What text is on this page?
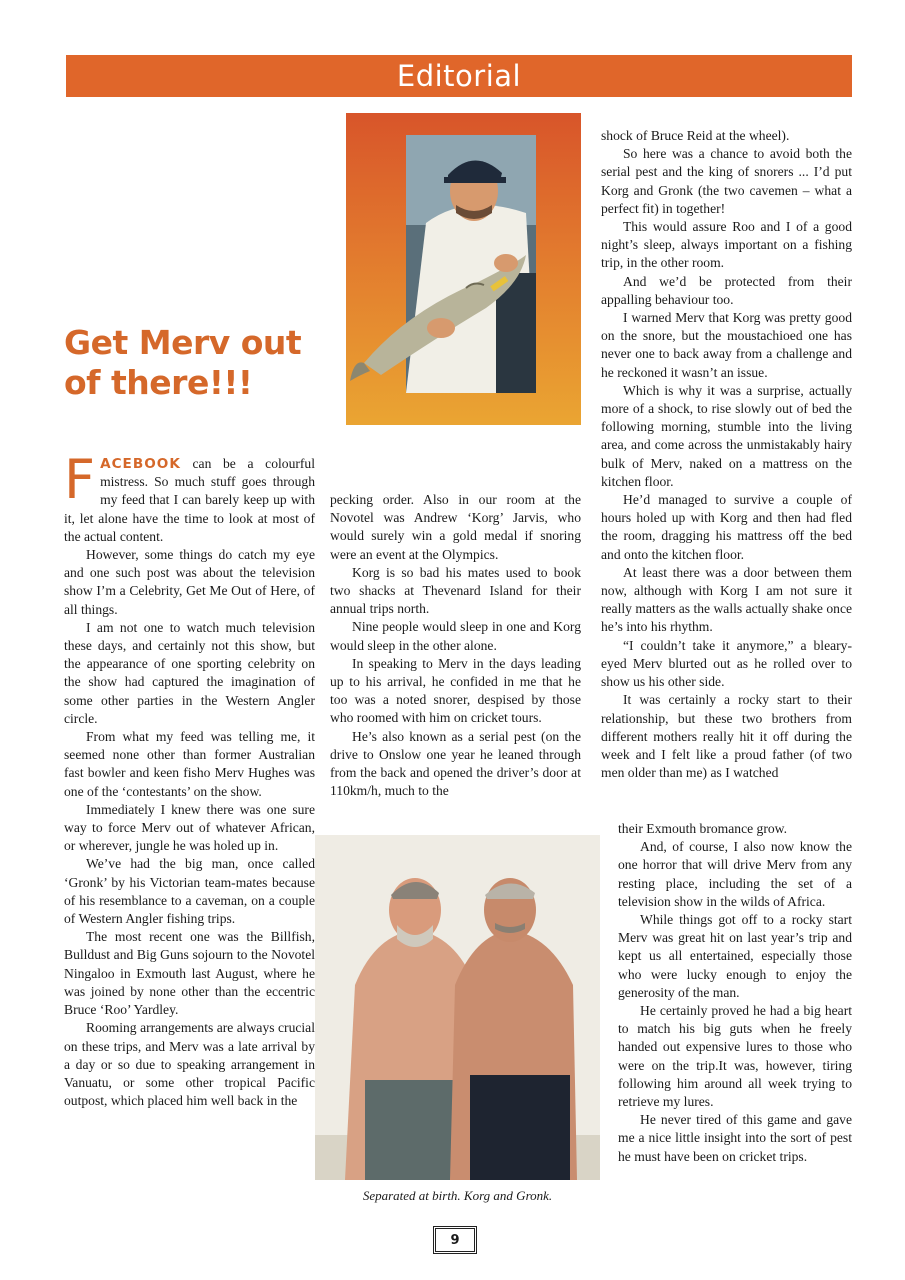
Editorial
Get Merv out of there!!!
Separated at birth. Korg and Gronk.

FACEBOOK can be a colourful mistress. So much stuff goes through my feed that I can barely keep up with it, let alone have the time to look at most of the actual content.

However, some things do catch my eye and one such post was about the television show I’m a Celebrity, Get Me Out of Here, of all things.

I am not one to watch much television these days, and certainly not this show, but the appearance of one sporting celebrity on the show had captured the imagination of some other parties in the Western Angler circle.

From what my feed was telling me, it seemed none other than former Australian fast bowler and keen fisho Merv Hughes was one of the ‘contestants’ on the show.

Immediately I knew there was one sure way to force Merv out of whatever African, or wherever, jungle he was holed up in.

We’ve had the big man, once called ‘Gronk’ by his Victorian team-mates because of his resemblance to a caveman, on a couple of Western Angler fishing trips.

The most recent one was the Billfish, Bulldust and Big Guns sojourn to the Novotel Ningaloo in Exmouth last August, where he was joined by none other than the eccentric Bruce ‘Roo’ Yardley.

Rooming arrangements are always crucial on these trips, and Merv was a late arrival by a day or so due to speaking arrangement in Vanuatu, or some other tropical Pacific outpost, which placed him well back in the

pecking order. Also in our room at the Novotel was Andrew ‘Korg’ Jarvis, who would surely win a gold medal if snoring were an event at the Olympics.

Korg is so bad his mates used to book two shacks at Thevenard Island for their annual trips north.

Nine people would sleep in one and Korg would sleep in the other alone.

In speaking to Merv in the days leading up to his arrival, he confided in me that he too was a noted snorer, despised by those who roomed with him on cricket tours.

He’s also known as a serial pest (on the drive to Onslow one year he leaned through from the back and opened the driver’s door at 110km/h, much to the

shock of Bruce Reid at the wheel).

So here was a chance to avoid both the serial pest and the king of snorers ... I’d put Korg and Gronk (the two cavemen – what a perfect fit) in together!

This would assure Roo and I of a good night’s sleep, always important on a fishing trip, in the other room.

And we’d be protected from their appalling behaviour too.

I warned Merv that Korg was pretty good on the snore, but the moustachioed one has never one to back away from a challenge and he reckoned it wasn’t an issue.

Which is why it was a surprise, actually more of a shock, to rise slowly out of bed the following morning, stumble into the living area, and come across the unmistakably hairy bulk of Merv, naked on a mattress on the kitchen floor.

He’d managed to survive a couple of hours holed up with Korg and then had fled the room, dragging his mattress off the bed and onto the kitchen floor.

At least there was a door between them now, although with Korg I am not sure it really matters as the walls actually shake once he’s into his rhythm.

“I couldn’t take it anymore,” a bleary-eyed Merv blurted out as he rolled over to show us his other side.

It was certainly a rocky start to their relationship, but these two brothers from different mothers really hit it off during the week and I felt like a proud father (of two men older than me) as I watched

their Exmouth bromance grow.

And, of course, I also now know the one horror that will drive Merv from any resting place, including the set of a television show in the wilds of Africa.

While things got off to a rocky start Merv was great hit on last year’s trip and kept us all entertained, especially those who were lucky enough to enjoy the generosity of the man.

He certainly proved he had a big heart to match his big guts when he freely handed out expensive lures to those who were on the trip.It was, however, tiring following him around all week trying to retrieve my lures.

He never tired of this game and gave me a nice little insight into the sort of pest he must have been on cricket trips.

9
